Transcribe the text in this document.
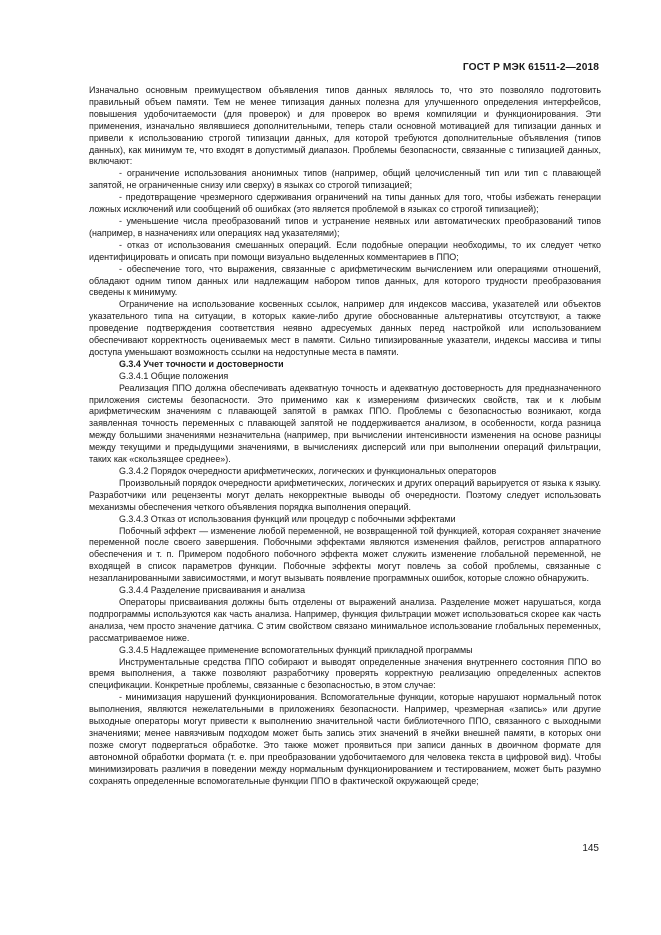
ГОСТ Р МЭК 61511-2—2018

Изначально основным преимуществом объявления типов данных являлось то, что это позволяло подготовить правильный объем памяти. Тем не менее типизация данных полезна для улучшенного определения интерфейсов, повышения удобочитаемости (для проверок) и для проверок во время компиляции и функционирования. Эти применения, изначально являвшиеся дополнительными, теперь стали основной мотивацией для типизации данных и привели к использованию строгой типизации данных, для которой требуются дополнительные объявления (типов данных), как минимум те, что входят в допустимый диапазон. Проблемы безопасности, связанные с типизацией данных, включают:

- ограничение использования анонимных типов (например, общий целочисленный тип или тип с плавающей запятой, не ограниченные снизу или сверху) в языках со строгой типизацией;

- предотвращение чрезмерного сдерживания ограничений на типы данных для того, чтобы избежать генерации ложных исключений или сообщений об ошибках (это является проблемой в языках со строгой типизацией);

- уменьшение числа преобразований типов и устранение неявных или автоматических преобразований типов (например, в назначениях или операциях над указателями);

- отказ от использования смешанных операций. Если подобные операции необходимы, то их следует четко идентифицировать и описать при помощи визуально выделенных комментариев в ППО;

- обеспечение того, что выражения, связанные с арифметическим вычислением или операциями отношений, обладают одним типом данных или надлежащим набором типов данных, для которого трудности преобразования сведены к минимуму.

Ограничение на использование косвенных ссылок, например для индексов массива, указателей или объектов указательного типа на ситуации, в которых какие-либо другие обоснованные альтернативы отсутствуют, а также проведение подтверждения соответствия неявно адресуемых данных перед настройкой или использованием обеспечивают корректность оцениваемых мест в памяти. Сильно типизированные указатели, индексы массива и типы доступа уменьшают возможность ссылки на недоступные места в памяти.

G.3.4 Учет точности и достоверности

G.3.4.1 Общие положения

Реализация ППО должна обеспечивать адекватную точность и адекватную достоверность для предназначенного приложения системы безопасности. Это применимо как к измерениям физических свойств, так и к любым арифметическим значениям с плавающей запятой в рамках ППО. Проблемы с безопасностью возникают, когда заявленная точность переменных с плавающей запятой не поддерживается анализом, в особенности, когда разница между большими значениями незначительна (например, при вычислении интенсивности изменения на основе разницы между текущими и предыдущими значениями, в вычислениях дисперсий или при выполнении операций фильтрации, таких как «скользящее среднее»).

G.3.4.2 Порядок очередности арифметических, логических и функциональных операторов

Произвольный порядок очередности арифметических, логических и других операций варьируется от языка к языку. Разработчики или рецензенты могут делать некорректные выводы об очередности. Поэтому следует использовать механизмы обеспечения четкого объявления порядка выполнения операций.

G.3.4.3 Отказ от использования функций или процедур с побочными эффектами

Побочный эффект — изменение любой переменной, не возвращенной той функцией, которая сохраняет значение переменной после своего завершения. Побочными эффектами являются изменения файлов, регистров аппаратного обеспечения и т. п. Примером подобного побочного эффекта может служить изменение глобальной переменной, не входящей в список параметров функции. Побочные эффекты могут повлечь за собой проблемы, связанные с незапланированными зависимостями, и могут вызывать появление программных ошибок, которые сложно обнаружить.

G.3.4.4 Разделение присваивания и анализа

Операторы присваивания должны быть отделены от выражений анализа. Разделение может нарушаться, когда подпрограммы используются как часть анализа. Например, функция фильтрации может использоваться скорее как часть анализа, чем просто значение датчика. С этим свойством связано минимальное использование глобальных переменных, рассматриваемое ниже.

G.3.4.5 Надлежащее применение вспомогательных функций прикладной программы

Инструментальные средства ППО собирают и выводят определенные значения внутреннего состояния ППО во время выполнения, а также позволяют разработчику проверять корректную реализацию определенных аспектов спецификации. Конкретные проблемы, связанные с безопасностью, в этом случае:

- минимизация нарушений функционирования. Вспомогательные функции, которые нарушают нормальный поток выполнения, являются нежелательными в приложениях безопасности. Например, чрезмерная «запись» или другие выходные операторы могут привести к выполнению значительной части библиотечного ППО, связанного с выходными значениями; менее навязчивым подходом может быть запись этих значений в ячейки внешней памяти, в которых они позже смогут подвергаться обработке. Это также может проявиться при записи данных в двоичном формате для автономной обработки формата (т. е. при преобразовании удобочитаемого для человека текста в цифровой вид). Чтобы минимизировать различия в поведении между нормальным функционированием и тестированием, может быть разумно сохранять определенные вспомогательные функции ППО в фактической окружающей среде;

145
